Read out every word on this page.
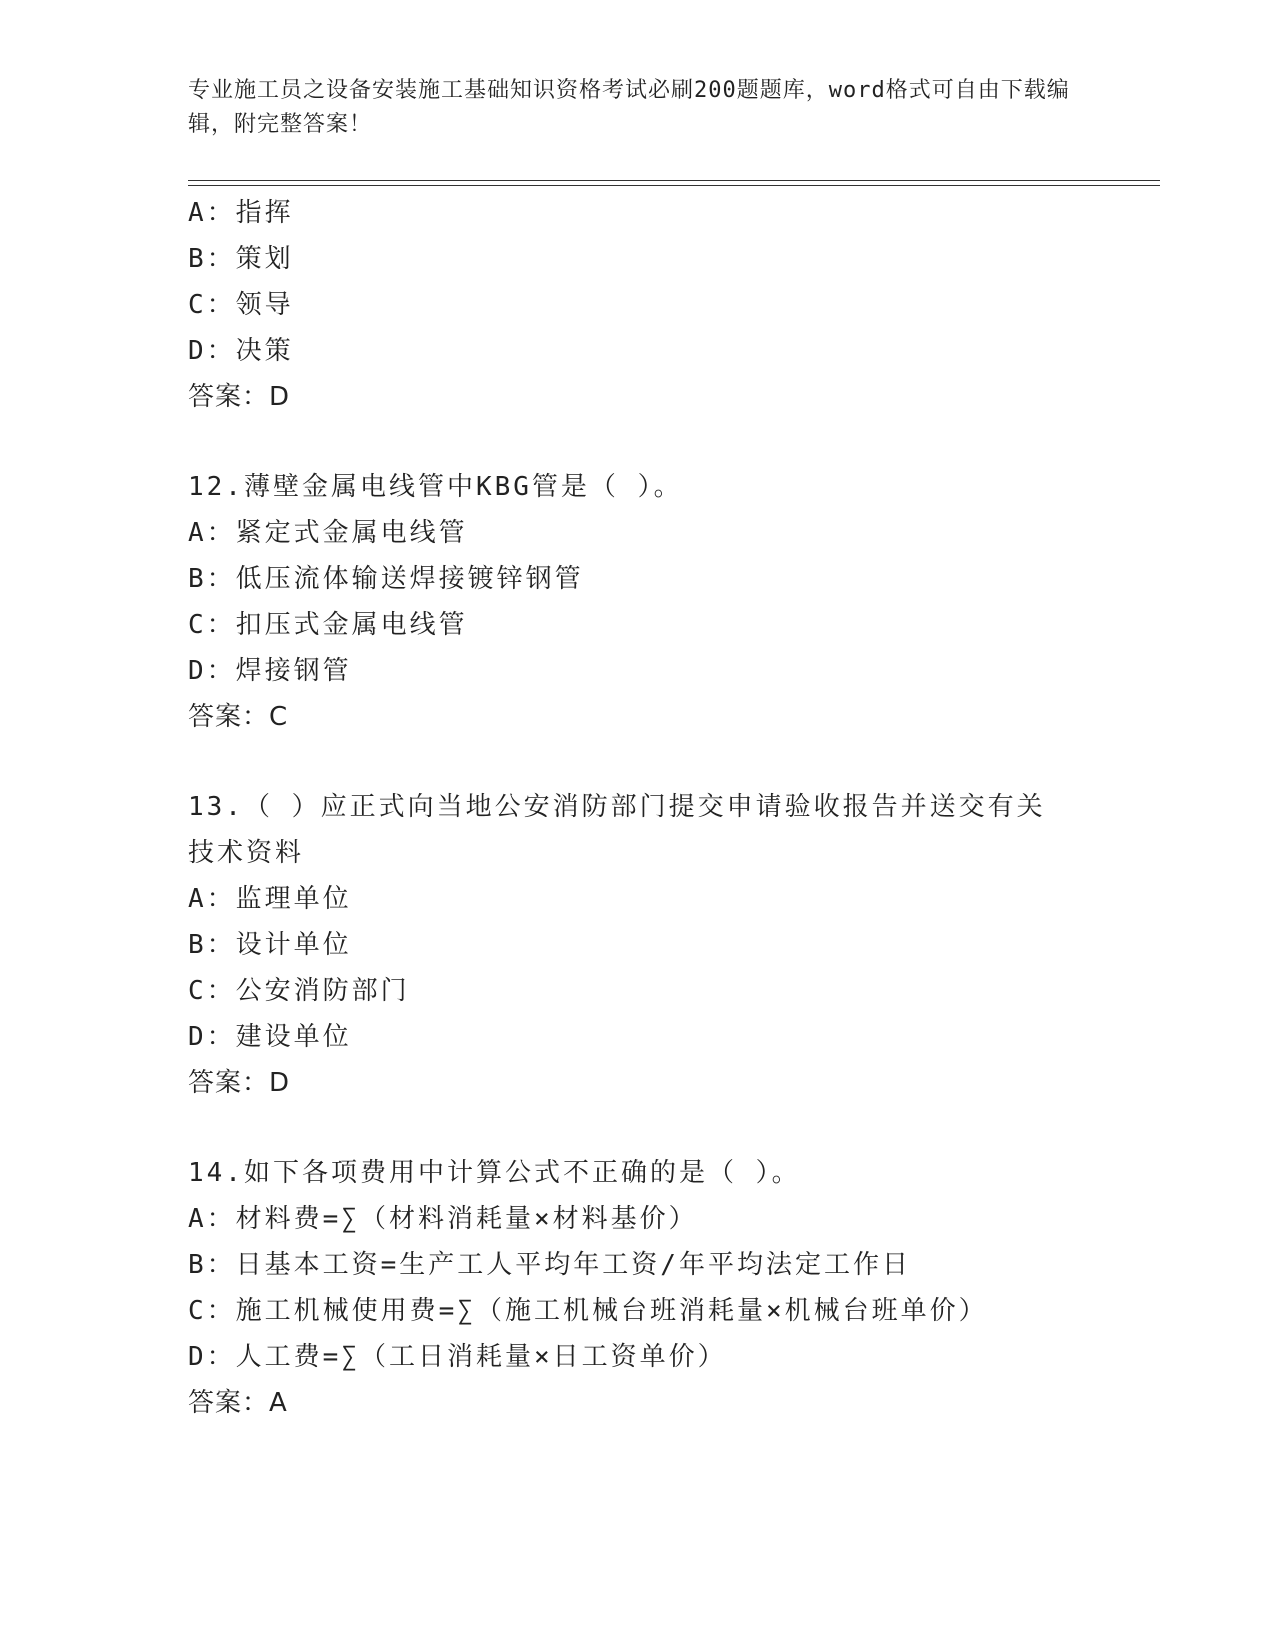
专业施工员之设备安装施工基础知识资格考试必刷200题题库，word格式可自由下载编辑，附完整答案！
A：指挥
B：策划
C：领导
D：决策
答案：D
12.薄壁金属电线管中KBG管是（ ）。
A：紧定式金属电线管
B：低压流体输送焊接镀锌钢管
C：扣压式金属电线管
D：焊接钢管
答案：C
13.（ ）应正式向当地公安消防部门提交申请验收报告并送交有关技术资料
A：监理单位
B：设计单位
C：公安消防部门
D：建设单位
答案：D
14.如下各项费用中计算公式不正确的是（ ）。
A：材料费=∑（材料消耗量×材料基价）
B：日基本工资=生产工人平均年工资/年平均法定工作日
C：施工机械使用费=∑（施工机械台班消耗量×机械台班单价）
D：人工费=∑（工日消耗量×日工资单价）
答案：A
